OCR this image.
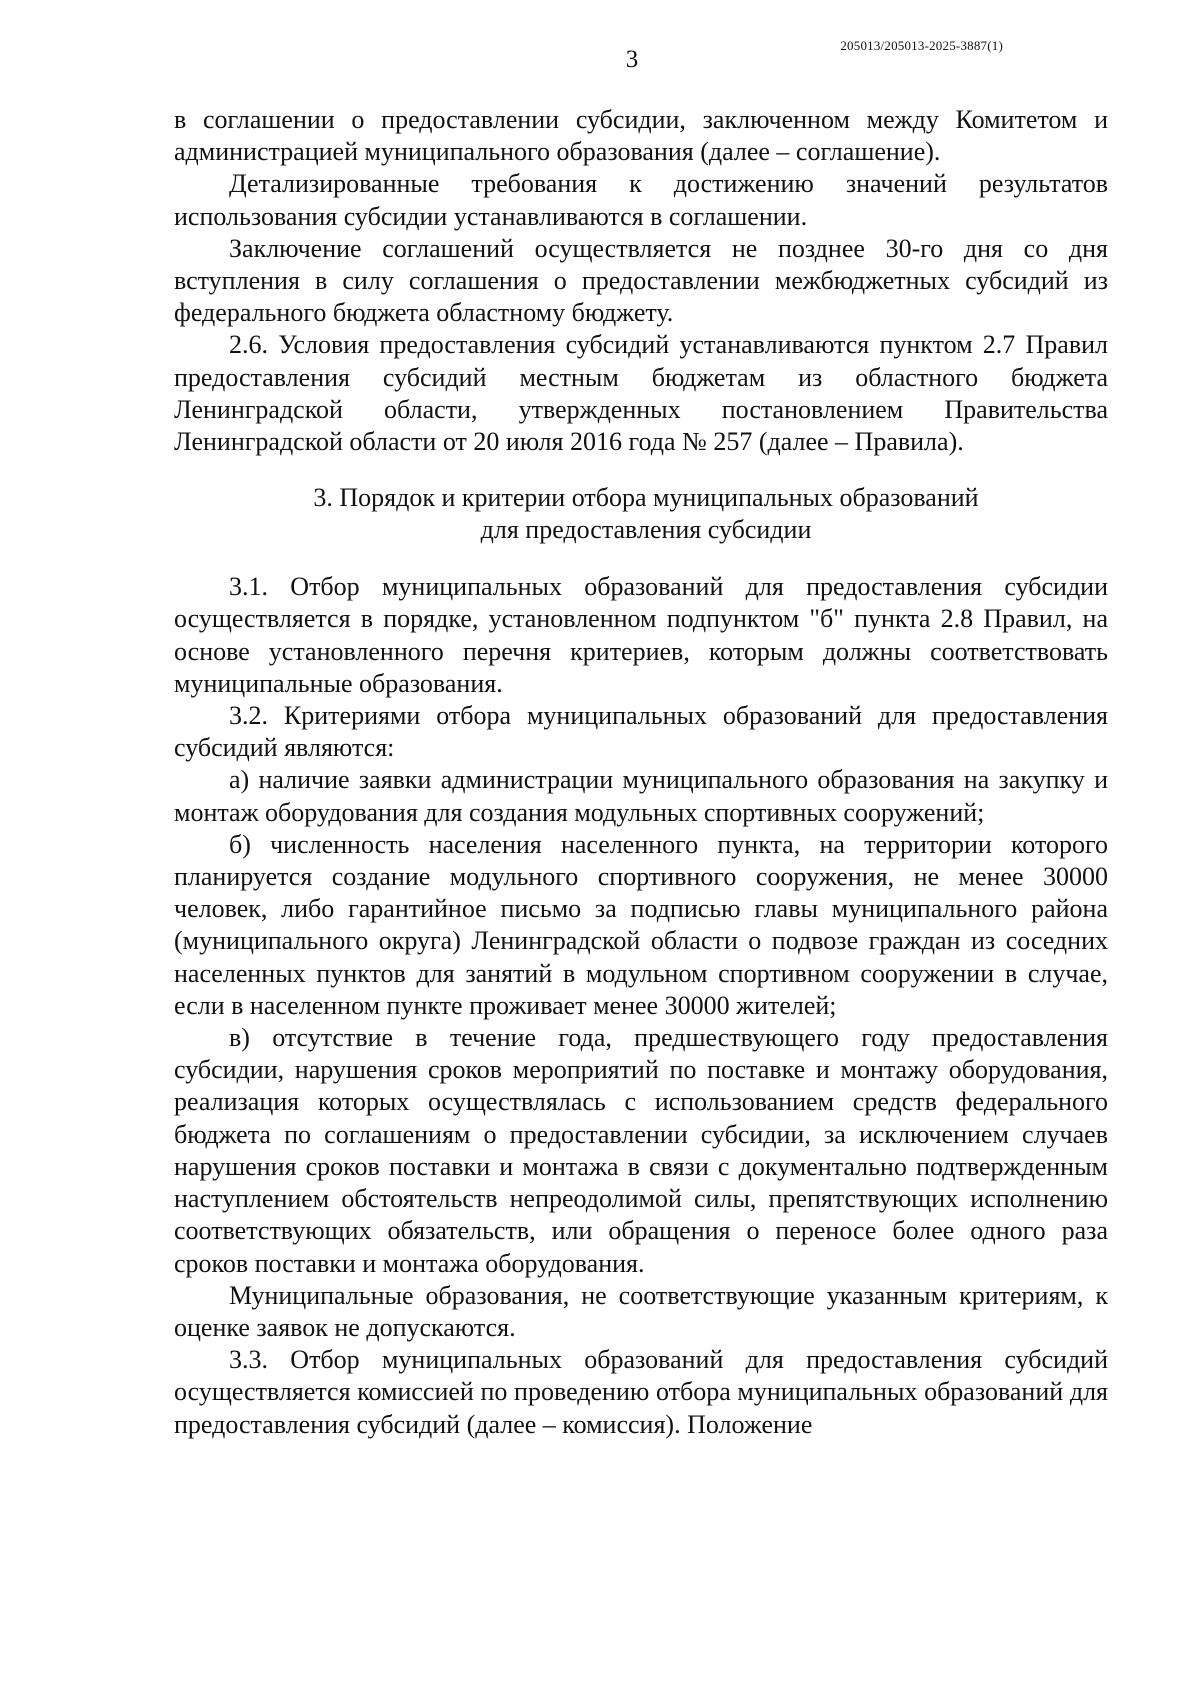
205013/205013-2025-3887(1)
3

в соглашении о предоставлении субсидии, заключенном между Комитетом и администрацией муниципального образования (далее – соглашение).

Детализированные требования к достижению значений результатов использования субсидии устанавливаются в соглашении.

Заключение соглашений осуществляется не позднее 30-го дня со дня вступления в силу соглашения о предоставлении межбюджетных субсидий из федерального бюджета областному бюджету.

2.6. Условия предоставления субсидий устанавливаются пунктом 2.7 Правил предоставления субсидий местным бюджетам из областного бюджета Ленинградской области, утвержденных постановлением Правительства Ленинградской области от 20 июля 2016 года № 257 (далее – Правила).

3. Порядок и критерии отбора муниципальных образований
для предоставления субсидии

3.1. Отбор муниципальных образований для предоставления субсидии осуществляется в порядке, установленном подпунктом "б" пункта 2.8 Правил, на основе установленного перечня критериев, которым должны соответствовать муниципальные образования.

3.2. Критериями отбора муниципальных образований для предоставления субсидий являются:

а) наличие заявки администрации муниципального образования на закупку и монтаж оборудования для создания модульных спортивных сооружений;

б) численность населения населенного пункта, на территории которого планируется создание модульного спортивного сооружения, не менее 30000 человек, либо гарантийное письмо за подписью главы муниципального района (муниципального округа) Ленинградской области о подвозе граждан из соседних населенных пунктов для занятий в модульном спортивном сооружении в случае, если в населенном пункте проживает менее 30000 жителей;

в) отсутствие в течение года, предшествующего году предоставления субсидии, нарушения сроков мероприятий по поставке и монтажу оборудования, реализация которых осуществлялась с использованием средств федерального бюджета по соглашениям о предоставлении субсидии, за исключением случаев нарушения сроков поставки и монтажа в связи с документально подтвержденным наступлением обстоятельств непреодолимой силы, препятствующих исполнению соответствующих обязательств, или обращения о переносе более одного раза сроков поставки и монтажа оборудования.

Муниципальные образования, не соответствующие указанным критериям, к оценке заявок не допускаются.

3.3. Отбор муниципальных образований для предоставления субсидий осуществляется комиссией по проведению отбора муниципальных образований для предоставления субсидий (далее – комиссия). Положение
